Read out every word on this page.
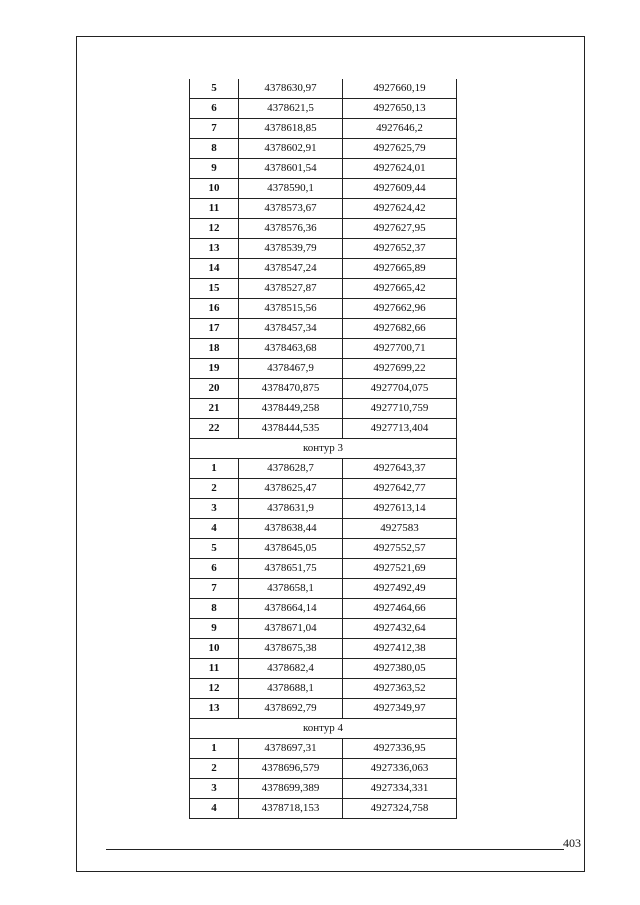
5	4378630,97	4927660,19
6	4378621,5	4927650,13
7	4378618,85	4927646,2
8	4378602,91	4927625,79
9	4378601,54	4927624,01
10	4378590,1	4927609,44
11	4378573,67	4927624,42
12	4378576,36	4927627,95
13	4378539,79	4927652,37
14	4378547,24	4927665,89
15	4378527,87	4927665,42
16	4378515,56	4927662,96
17	4378457,34	4927682,66
18	4378463,68	4927700,71
19	4378467,9	4927699,22
20	4378470,875	4927704,075
21	4378449,258	4927710,759
22	4378444,535	4927713,404
контур 3		
1	4378628,7	4927643,37
2	4378625,47	4927642,77
3	4378631,9	4927613,14
4	4378638,44	4927583
5	4378645,05	4927552,57
6	4378651,75	4927521,69
7	4378658,1	4927492,49
8	4378664,14	4927464,66
9	4378671,04	4927432,64
10	4378675,38	4927412,38
11	4378682,4	4927380,05
12	4378688,1	4927363,52
13	4378692,79	4927349,97
контур 4		
1	4378697,31	4927336,95
2	4378696,579	4927336,063
3	4378699,389	4927334,331
4	4378718,153	4927324,758
403
